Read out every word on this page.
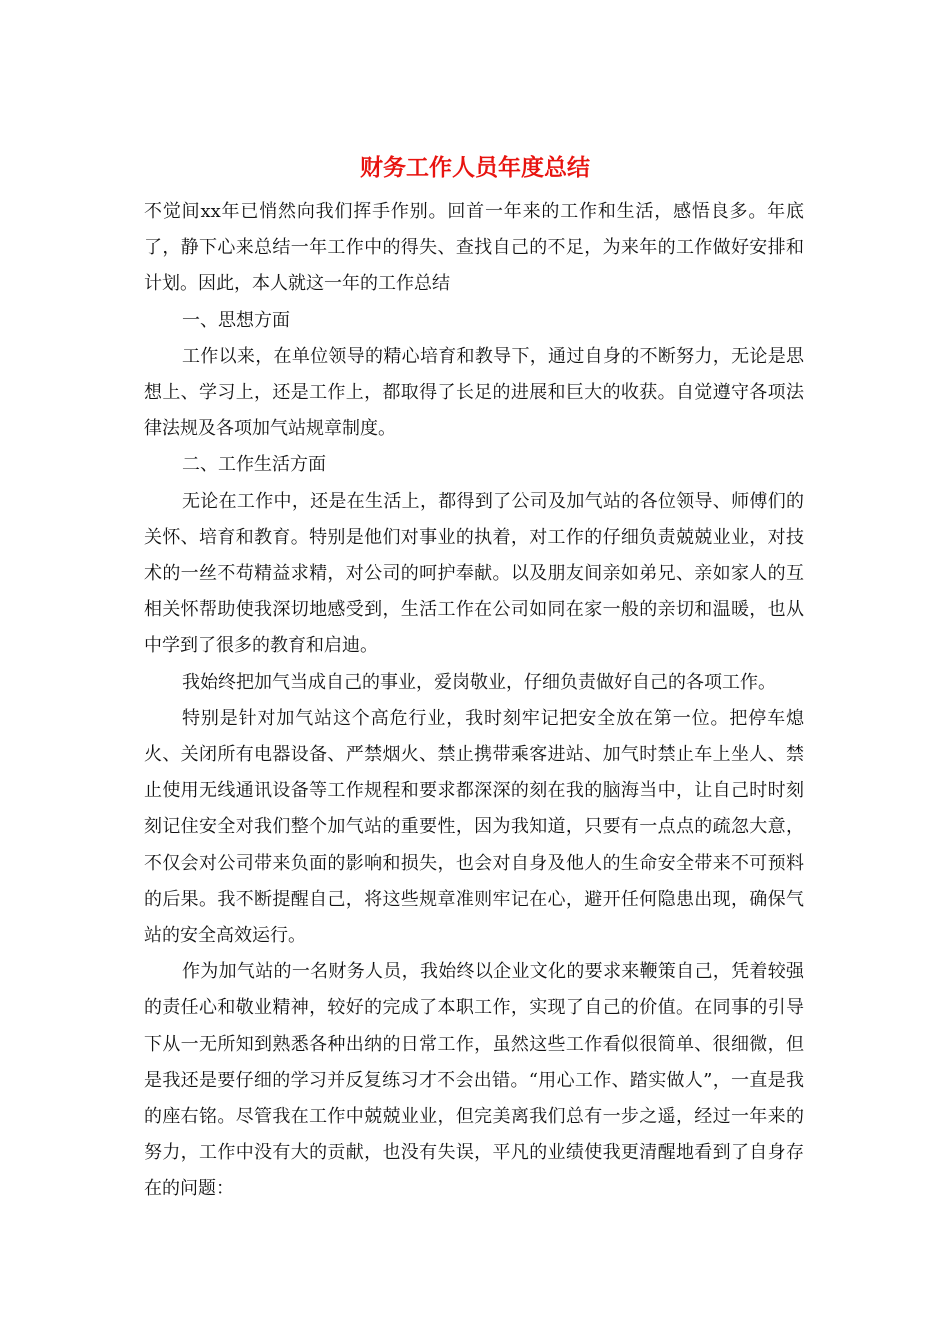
财务工作人员年度总结

不觉间xx年已悄然向我们挥手作别。回首一年来的工作和生活，感悟良多。年底了，静下心来总结一年工作中的得失、查找自己的不足，为来年的工作做好安排和计划。因此，本人就这一年的工作总结

一、思想方面

工作以来，在单位领导的精心培育和教导下，通过自身的不断努力，无论是思想上、学习上，还是工作上，都取得了长足的进展和巨大的收获。自觉遵守各项法律法规及各项加气站规章制度。

二、工作生活方面

无论在工作中，还是在生活上，都得到了公司及加气站的各位领导、师傅们的关怀、培育和教育。特别是他们对事业的执着，对工作的仔细负责兢兢业业，对技术的一丝不苟精益求精，对公司的呵护奉献。以及朋友间亲如弟兄、亲如家人的互相关怀帮助使我深切地感受到，生活工作在公司如同在家一般的亲切和温暖，也从中学到了很多的教育和启迪。

我始终把加气当成自己的事业，爱岗敬业，仔细负责做好自己的各项工作。

特别是针对加气站这个高危行业，我时刻牢记把安全放在第一位。把停车熄火、关闭所有电器设备、严禁烟火、禁止携带乘客进站、加气时禁止车上坐人、禁止使用无线通讯设备等工作规程和要求都深深的刻在我的脑海当中，让自己时时刻刻记住安全对我们整个加气站的重要性，因为我知道，只要有一点点的疏忽大意，不仅会对公司带来负面的影响和损失，也会对自身及他人的生命安全带来不可预料的后果。我不断提醒自己，将这些规章准则牢记在心，避开任何隐患出现，确保气站的安全高效运行。

作为加气站的一名财务人员，我始终以企业文化的要求来鞭策自己，凭着较强的责任心和敬业精神，较好的完成了本职工作，实现了自己的价值。在同事的引导下从一无所知到熟悉各种出纳的日常工作，虽然这些工作看似很简单、很细微，但是我还是要仔细的学习并反复练习才不会出错。“用心工作、踏实做人”，一直是我的座右铭。尽管我在工作中兢兢业业，但完美离我们总有一步之遥，经过一年来的努力，工作中没有大的贡献，也没有失误，平凡的业绩使我更清醒地看到了自身存在的问题：
